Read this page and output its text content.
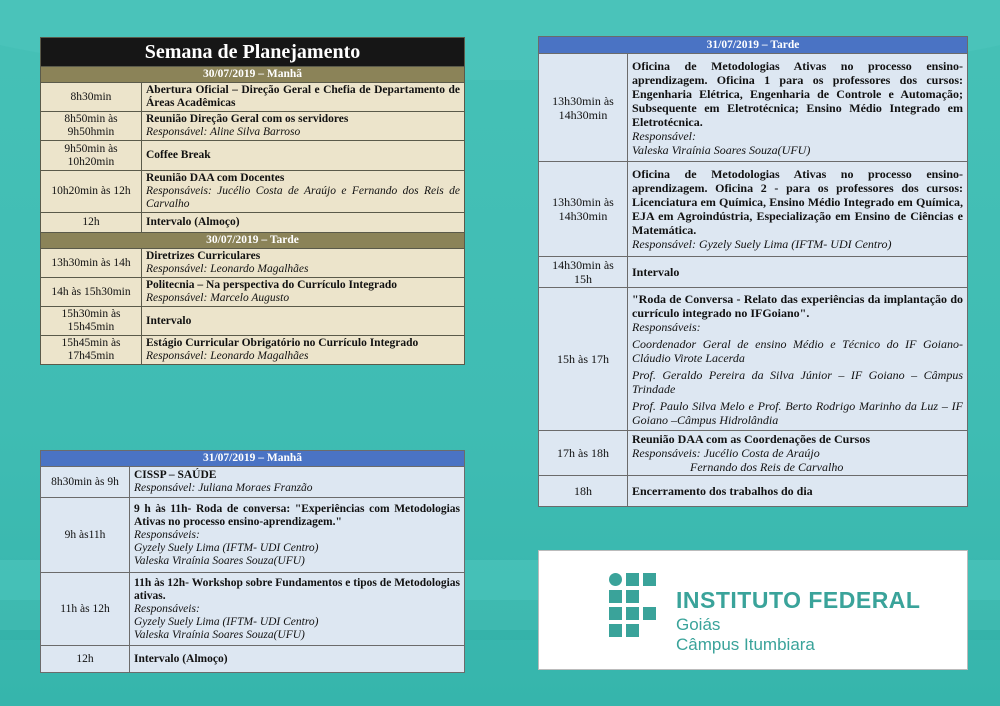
Semana de Planejamento	
30/07/2019 – Manhã	
8h30min	Abertura Oficial – Direção Geral e Chefia de Departamento de Áreas Acadêmicas
8h50min às 9h50hmin	Reunião Direção Geral com os servidores
Responsável: Aline Silva Barroso

9h50min às 10h20min	Coffee Break
10h20min às 12h	Reunião DAA com Docentes
Responsáveis: Jucélio Costa de Araújo e Fernando dos Reis de Carvalho

12h	Intervalo (Almoço)
30/07/2019 – Tarde	
13h30min às 14h	Diretrizes Curriculares
Responsável: Leonardo Magalhães

14h às 15h30min	Politecnia – Na perspectiva do Currículo Integrado
Responsável: Marcelo Augusto

15h30min às 15h45min	Intervalo
15h45min às 17h45min	Estágio Curricular Obrigatório no Currículo Integrado
Responsável: Leonardo Magalhães
31/07/2019 – Manhã	
8h30min às 9h	CISSP – SAÚDE
Responsável: Juliana Moraes Franzão

9h às11h	9 h às 11h- Roda de conversa: "Experiências com Metodologias Ativas no processo ensino-aprendizagem."
Responsáveis:
Gyzely Suely Lima (IFTM- UDI Centro)
Valeska Viraínia Soares Souza(UFU)

11h às 12h	11h às 12h- Workshop sobre Fundamentos e tipos de Metodologias ativas.
Responsáveis:
Gyzely Suely Lima (IFTM- UDI Centro)
Valeska Viraínia Soares Souza(UFU)

12h	Intervalo (Almoço)
31/07/2019 – Tarde	
13h30min às 14h30min	Oficina de Metodologias Ativas no processo ensino-aprendizagem. Oficina 1 para os professores dos cursos: Engenharia Elétrica, Engenharia de Controle e Automação; Subsequente em Eletrotécnica; Ensino Médio Integrado em Eletrotécnica.
Responsável:
Valeska Viraínia Soares Souza(UFU)

13h30min às 14h30min	Oficina de Metodologias Ativas no processo ensino-aprendizagem. Oficina 2 - para os professores dos cursos: Licenciatura em Química, Ensino Médio Integrado em Química, EJA em Agroindústria, Especialização em Ensino de Ciências e Matemática.
Responsável: Gyzely Suely Lima (IFTM- UDI Centro)

14h30min às 15h	Intervalo
15h às 17h	"Roda de Conversa - Relato das experiências da implantação do currículo integrado no IFGoiano".
Responsáveis:
Coordenador Geral de ensino Médio e Técnico do IF Goiano-Cláudio Virote Lacerda
Prof. Geraldo Pereira da Silva Júnior – IF Goiano – Câmpus Trindade
Prof. Paulo Silva Melo e Prof. Berto Rodrigo Marinho da Luz – IF Goiano –Câmpus Hidrolândia

17h às 18h	Reunião DAA com as Coordenações de Cursos
Responsáveis: Jucélio Costa de Araújo
Fernando dos Reis de Carvalho

18h	Encerramento dos trabalhos do dia
INSTITUTO FEDERAL
Goiás
Câmpus Itumbiara
